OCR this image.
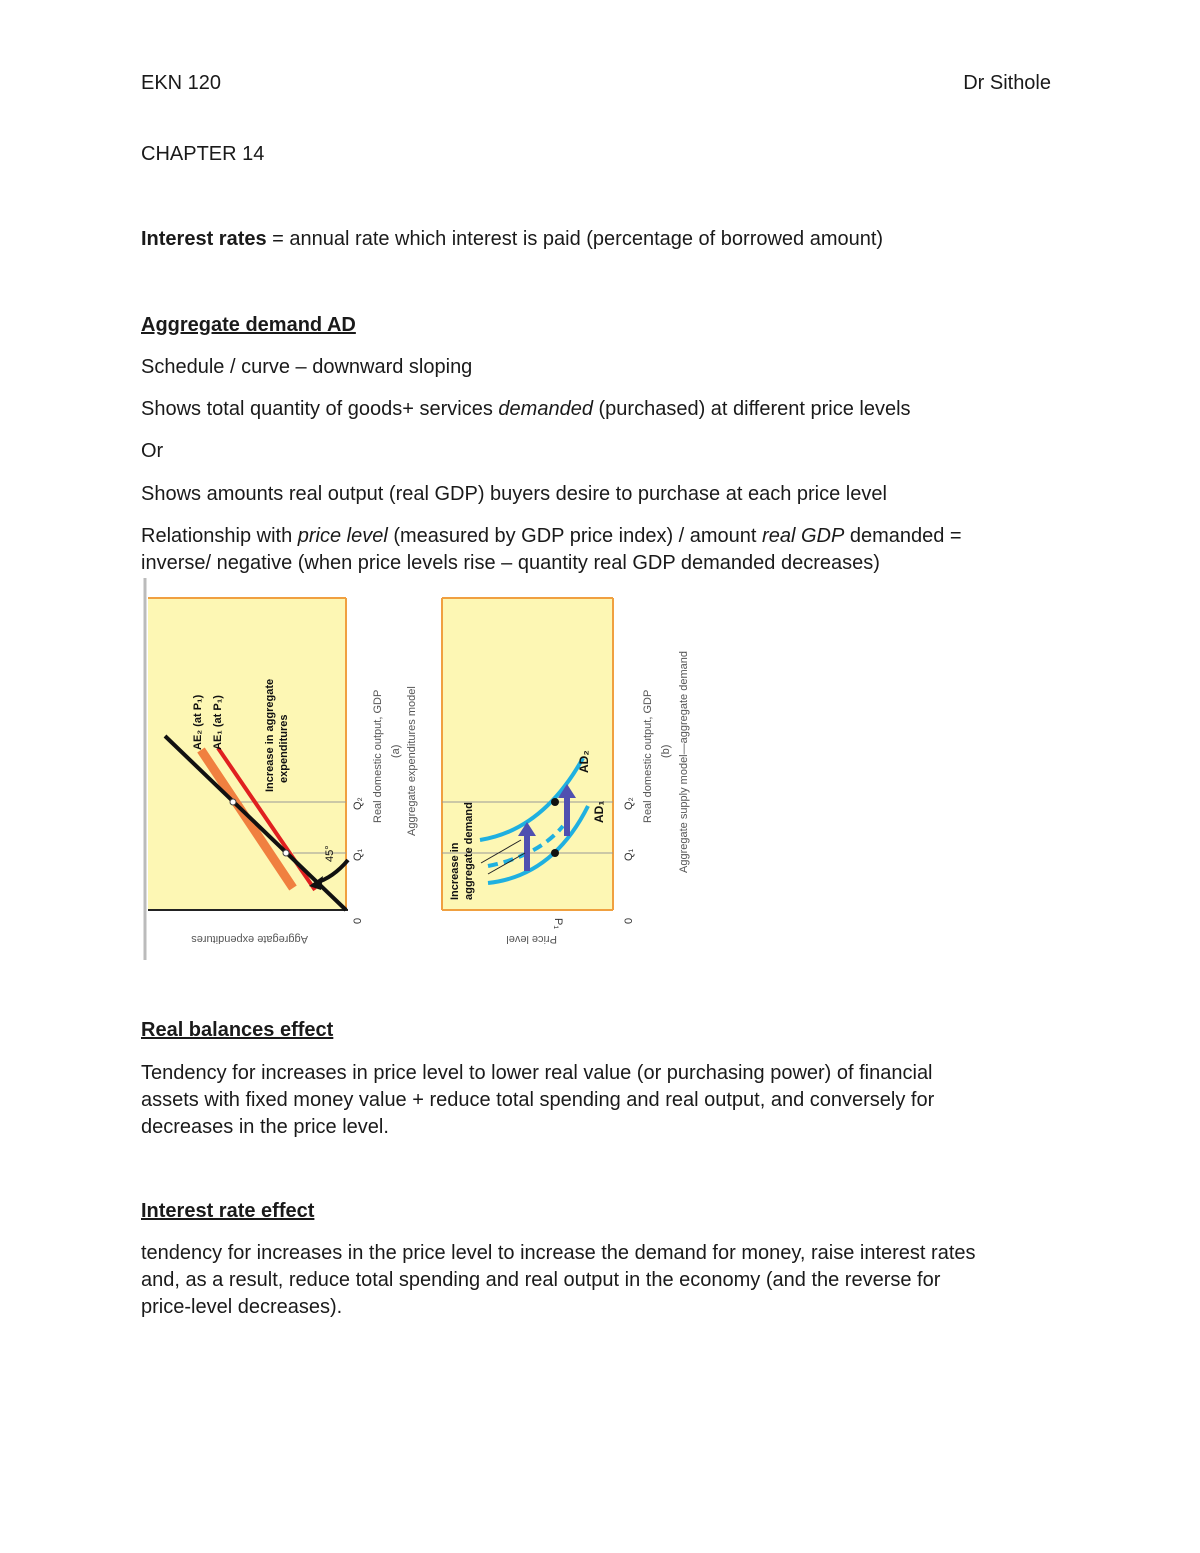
EKN 120	Dr Sithole
CHAPTER 14
Interest rates = annual rate which interest is paid (percentage of borrowed amount)
Aggregate demand AD
Schedule / curve – downward sloping
Shows total quantity of goods+ services demanded (purchased) at different price levels
Or
Shows amounts real output (real GDP) buyers desire to purchase at each price level
Relationship with price level (measured by GDP price index) / amount real GDP demanded =
inverse/ negative (when price levels rise – quantity real GDP demanded decreases)
AE₂ (at P₁) AE₁ (at P₁)	Increase in aggregate expenditures
45°
Q₂
Q₁
0
Real domestic output, GDP (a) Aggregate expenditures model
Aggregate expenditures
AD₂
AD₁
Increase in aggregate demand	Q₂
Q₁
0
P₁
Real domestic output, GDP (b) Aggregate supply model—aggregate demand
Price level
Real balances effect
Tendency for increases in price level to lower real value (or purchasing power) of financial
assets with fixed money value + reduce total spending and real output, and conversely for
decreases in the price level.
Interest rate effect
tendency for increases in the price level to increase the demand for money, raise interest rates
and, as a result, reduce total spending and real output in the economy (and the reverse for
price-level decreases).
